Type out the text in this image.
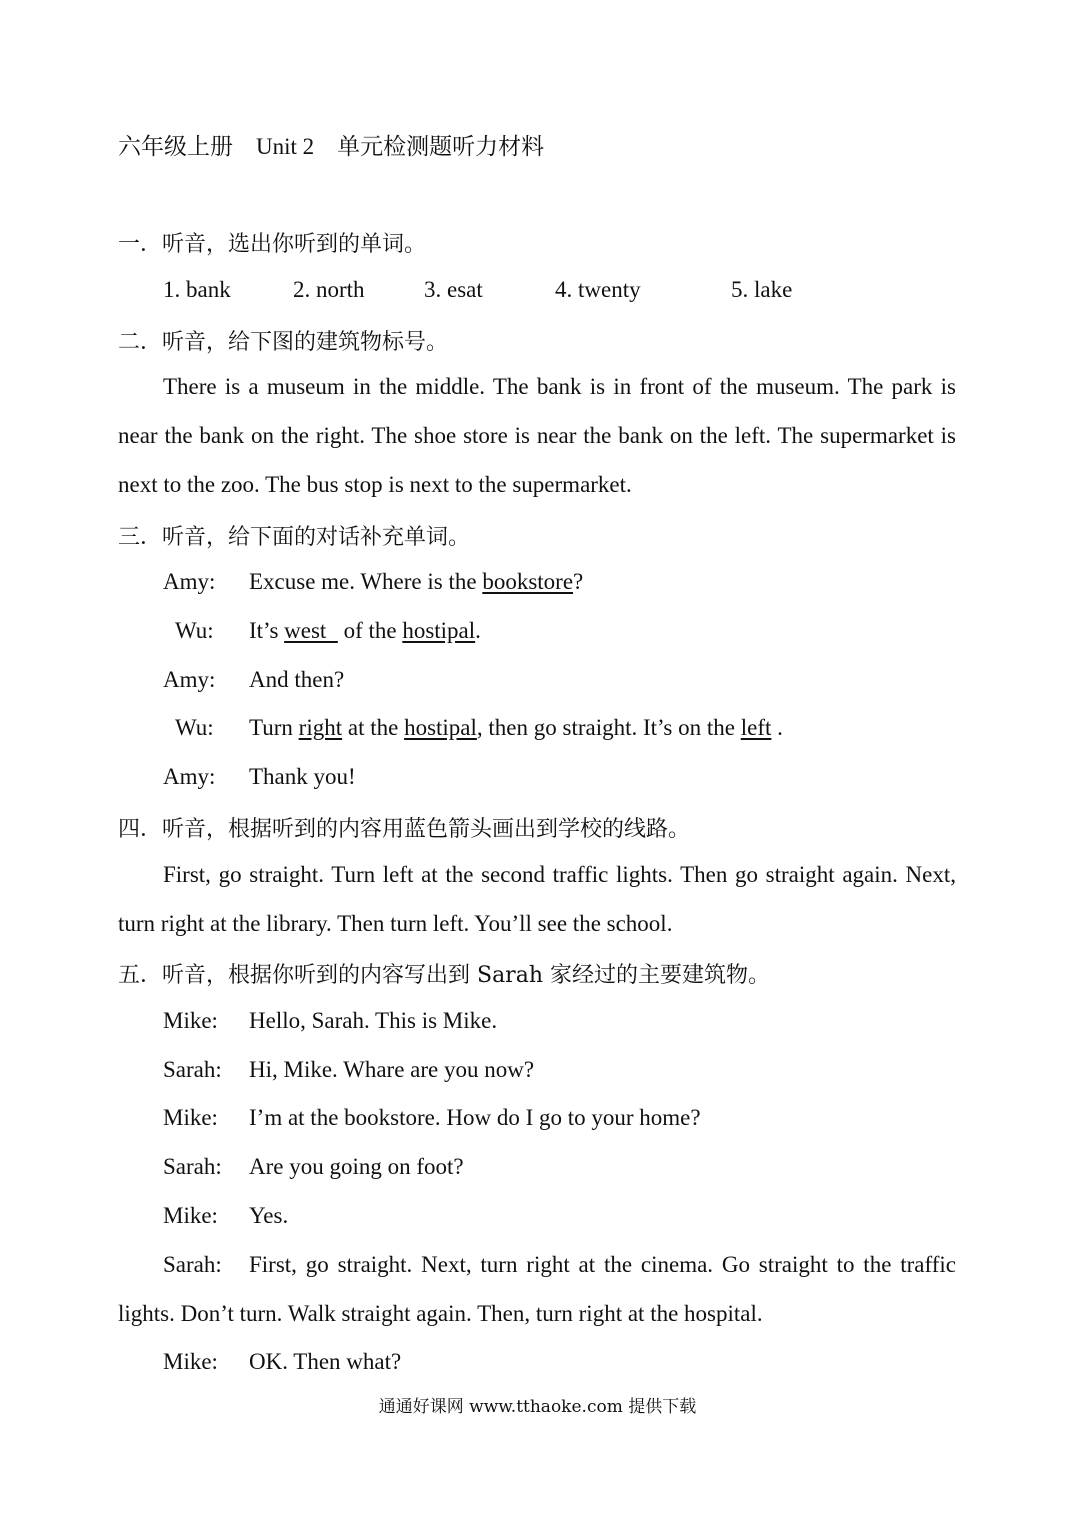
六年级上册    Unit 2    单元检测题听力材料
一．听音，选出你听到的单词。
1. bank	2. north	3. esat	4. twenty	5. lake
二．听音，给下图的建筑物标号。
There is a museum in the middle. The bank is in front of the museum. The park is near the bank on the right. The shoe store is near the bank on the left. The supermarket is next to the zoo. The bus stop is next to the supermarket.
三．听音，给下面的对话补充单词。
Amy:	Excuse me. Where is the bookstore?
Wu:	It’s west   of the hostipal.
Amy:	And then?
Wu:	Turn right at the hostipal, then go straight. It’s on the left .
Amy:	Thank you!
四．听音，根据听到的内容用蓝色箭头画出到学校的线路。
First, go straight. Turn left at the second traffic lights. Then go straight again. Next, turn right at the library. Then turn left. You’ll see the school.
五．听音，根据你听到的内容写出到 Sarah 家经过的主要建筑物。
Mike:	Hello, Sarah. This is Mike.
Sarah:	Hi, Mike. Whare are you now?
Mike:	I’m at the bookstore. How do I go to your home?
Sarah:	Are you going on foot?
Mike:	Yes.
Sarah: First, go straight. Next, turn right at the cinema. Go straight to the traffic lights. Don’t turn. Walk straight again. Then, turn right at the hospital.
Mike:	OK. Then what?
通通好课网 www.tthaoke.com 提供下载
